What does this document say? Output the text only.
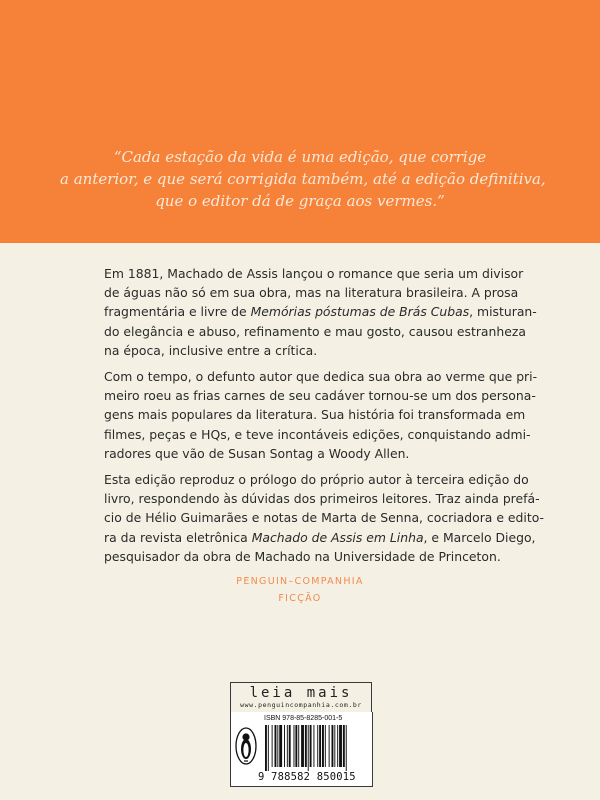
“Cada estação da vida é uma edição, que corrige
a anterior, e que será corrigida também, até a edição definitiva,
que o editor dá de graça aos vermes.”
Em 1881, Machado de Assis lançou o romance que seria um divisor
de águas não só em sua obra, mas na literatura brasileira. A prosa
fragmentária e livre de Memórias póstumas de Brás Cubas, misturan-
do elegância e abuso, refinamento e mau gosto, causou estranheza
na época, inclusive entre a crítica.
Com o tempo, o defunto autor que dedica sua obra ao verme que pri-
meiro roeu as frias carnes de seu cadáver tornou-se um dos persona-
gens mais populares da literatura. Sua história foi transformada em
filmes, peças e HQs, e teve incontáveis edições, conquistando admi-
radores que vão de Susan Sontag a Woody Allen.
Esta edição reproduz o prólogo do próprio autor à terceira edição do
livro, respondendo às dúvidas dos primeiros leitores. Traz ainda prefá-
cio de Hélio Guimarães e notas de Marta de Senna, cocriadora e edito-
ra da revista eletrônica Machado de Assis em Linha, e Marcelo Diego,
pesquisador da obra de Machado na Universidade de Princeton.
PENGUIN–COMPANHIA
FICÇÃO
leia mais
www.penguincompanhia.com.br
ISBN 978-85-8285-001-5
9 788582 850015
